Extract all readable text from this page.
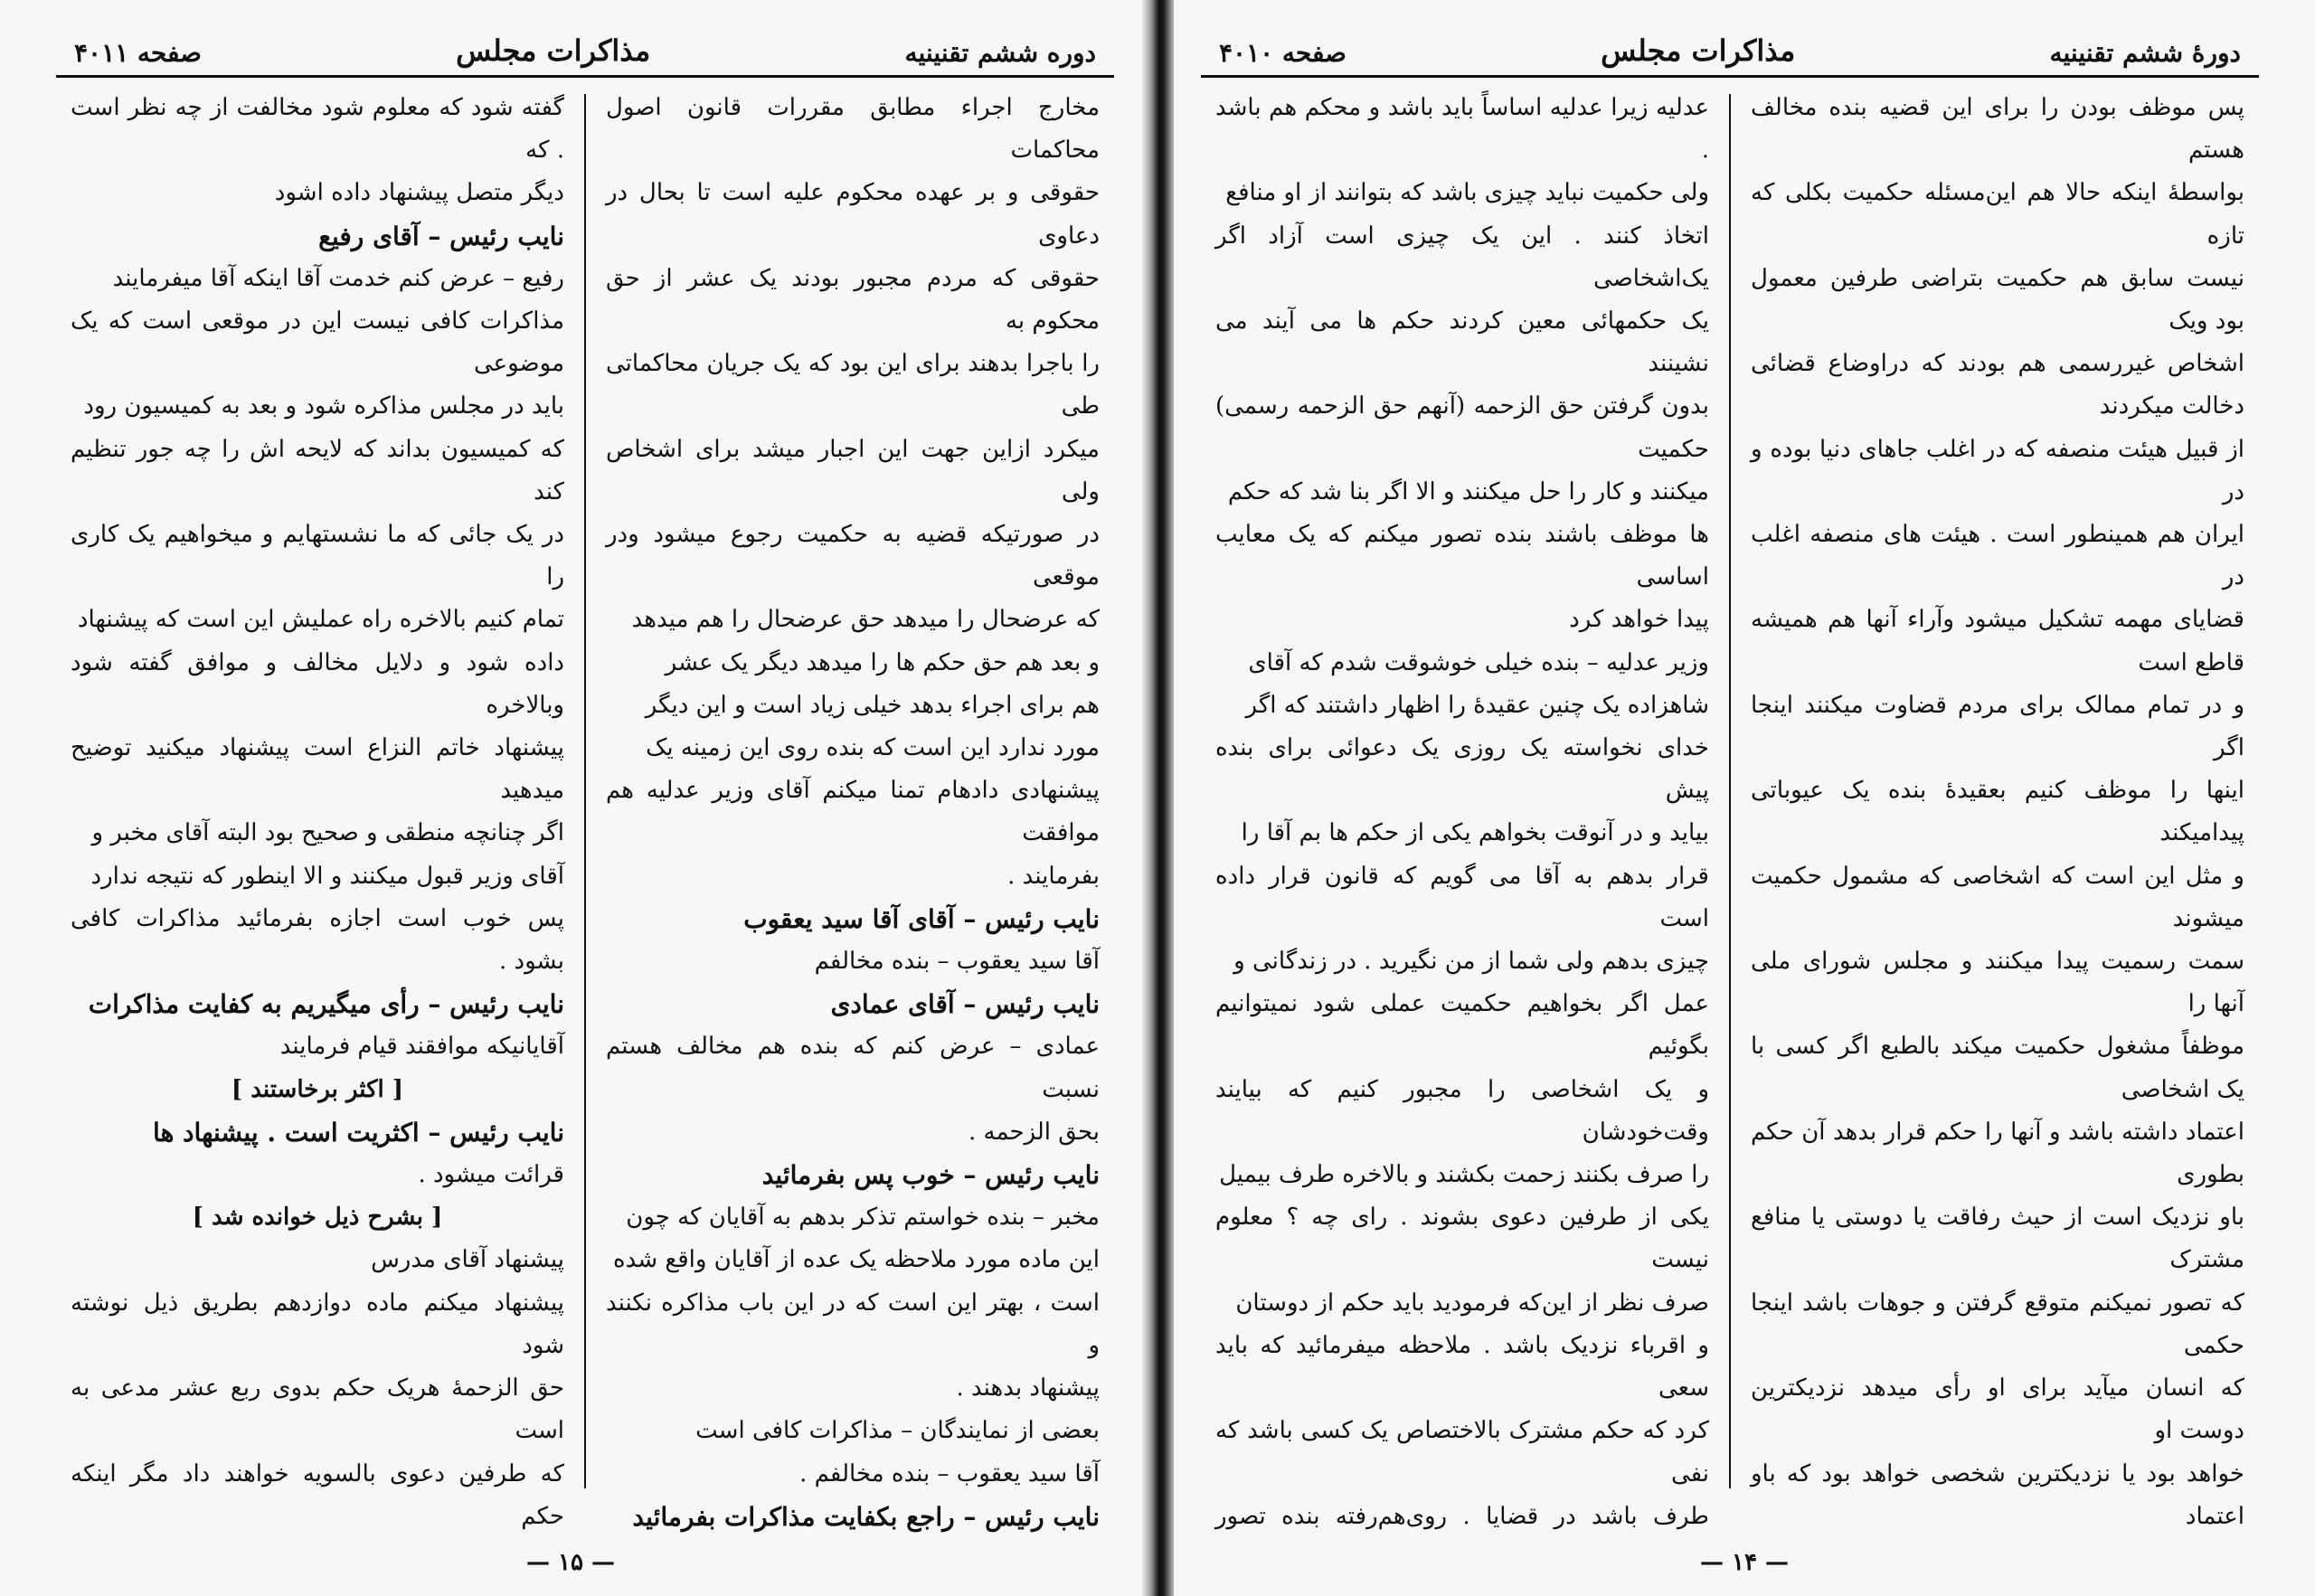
دوره‌ ششم تقنینیه
مذاکرات مجلس
صفحه ۴۰۱۱

مخارج اجراء مطابق مقررات قانون اصول محاکمات

حقوقی و بر عهده محکوم علیه است تا بحال در دعاوی

حقوقی که مردم مجبور بودند یک عشر از حق محکوم به

را باجرا بدهند برای این بود که یک جریان محاکماتی طی

میکرد ازاین جهت این اجبار میشد برای اشخاص ولی

در صورتیکه قضیه به حکمیت رجوع میشود ودر موقعی

که عرضحال را میدهد حق عرضحال را هم میدهد

و بعد هم حق حکم ها را میدهد دیگر یک عشر

هم برای اجراء بدهد خیلی زیاد است و این دیگر

مورد ندارد این است که بنده روی این زمینه یک

پیشنهادی دادهام تمنا میکنم آقای وزیر عدلیه هم موافقت

بفرمایند .

نایب رئیس – آقای آقا سید یعقوب

آقا سید یعقوب – بنده مخالفم

نایب رئیس – آقای عمادی

عمادی – عرض کنم که بنده هم مخالف هستم نسبت

بحق الزحمه .

نایب رئیس – خوب پس بفرمائید

مخبر – بنده خواستم تذکر بدهم به آقایان که چون

این ماده مورد ملاحظه یک عده از آقایان واقع شده

است ، بهتر این است که در این باب مذاکره نکنند و

پیشنهاد بدهند .

بعضی از نمایندگان – مذاکرات کافی است

آقا سید یعقوب – بنده مخالفم .

نایب رئیس – راجع بکفایت مذاکرات بفرمائید

گفته شود که معلوم شود مخالفت از چه نظر است . که

دیگر متصل پیشنهاد داده اشود

نایب رئیس – آقای رفیع

رفیع – عرض کنم خدمت آقا اینکه آقا میفرمایند

مذاکرات کافی نیست این در موقعی است که یک موضوعی

باید در مجلس مذاکره شود و بعد به کمیسیون رود

که کمیسیون بداند که لایحه اش را چه جور تنظیم کند

در یک جائی که ما نشستهایم و میخواهیم یک کاری را

تمام کنیم بالاخره راه عملیش این است که پیشنهاد

داده شود و دلایل مخالف و موافق گفته شود وبالاخره

پیشنهاد خاتم النزاع است پیشنهاد میکنید توضیح میدهید

اگر چنانچه منطقی و صحیح بود البته آقای مخبر و

آقای وزیر قبول میکنند و الا اینطور که نتیجه ندارد

پس خوب است اجازه بفرمائید مذاکرات کافی بشود .

نایب رئیس – رأی میگیریم به کفایت مذاکرات

آقایانیکه موافقند قیام فرمایند

[ اکثر برخاستند ]

نایب رئیس – اکثریت است . پیشنهاد ها

قرائت میشود .

[ بشرح ذیل خوانده شد ]

پیشنهاد آقای مدرس

پیشنهاد میکنم ماده دوازدهم بطریق ذیل نوشته شود

حق الزحمهٔ هریک حکم بدوی ربع عشر مدعی به است

که طرفین دعوی بالسویه خواهند داد مگر اینکه حکم

— ۱۵ —
دورهٔ ششم تقنینیه
مذاکرات مجلس
صفحه ۴۰۱۰

پس موظف بودن را برای این قضیه بنده مخالف هستم

بواسطهٔ اینکه حالا هم این‌مسئله حکمیت بکلی که تازه

نیست سابق هم حکمیت بتراضی طرفین معمول بود ویک

اشخاص غیررسمی هم بودند که دراوضاع قضائی دخالت میکردند

از قبیل هیئت منصفه که در اغلب جاهای دنیا بوده و در

ایران هم همینطور است . هیئت های منصفه اغلب در

قضایای مهمه تشکیل میشود وآراء آنها هم همیشه قاطع است

و در تمام ممالک برای مردم قضاوت میکنند اینجا اگر

اینها را موظف کنیم بعقیدهٔ بنده یک عیوباتی پیدامیکند

و مثل این است که اشخاصی که مشمول حکمیت میشوند

سمت رسمیت پیدا میکنند و مجلس شورای ملی آنها را

موظفاً مشغول حکمیت میکند بالطبع اگر کسی با یک اشخاصی

اعتماد داشته باشد و آنها را حکم قرار بدهد آن حکم بطوری

باو نزدیک است از حیث رفاقت یا دوستی یا منافع مشترک

که تصور نمیکنم متوقع گرفتن و جوهات باشد اینجا حکمی

که انسان میآید برای او رأی میدهد نزدیکترین دوست او

خواهد بود یا نزدیکترین شخصی خواهد بود که باو اعتماد

عدلیه زیرا عدلیه اساساً باید باشد و محکم هم باشد .

ولی حکمیت نباید چیزی باشد که بتوانند از او منافع

اتخاذ کنند . این یک چیزی است آزاد اگر یک‌اشخاصی

یک حکمهائی معین کردند حکم ها می آیند می نشینند

بدون گرفتن حق الزحمه (آنهم حق الزحمه رسمی) حکمیت

میکنند و کار را حل میکنند و الا اگر بنا شد که حکم

ها موظف باشند بنده تصور میکنم که یک معایب اساسی

پیدا خواهد کرد

وزیر عدلیه – بنده خیلی خوشوقت شدم که آقای

شاهزاده یک چنین عقیدهٔ را اظهار داشتند که اگر

خدای نخواسته یک روزی یک دعوائی برای بنده پیش

بیاید و در آنوقت بخواهم یکی از حکم ها بم آقا را

قرار بدهم به آقا می گویم که قانون قرار داده است

چیزی بدهم ولی شما از من نگیرید . در زندگانی و

عمل اگر بخواهیم حکمیت عملی شود نمیتوانیم بگوئیم

و یک اشخاصی را مجبور کنیم که بیایند وقت‌خودشان

را صرف بکنند زحمت بکشند و بالاخره طرف بیمیل

یکی از طرفین دعوی بشوند . رای چه ؟ معلوم نیست

صرف نظر از این‌که فرمودید باید حکم از دوستان

و اقرباء نزدیک باشد . ملاحظه میفرمائید که باید سعی

کرد که حکم مشترک بالاختصاص یک کسی باشد که نفی

طرف باشد در قضایا . روی‌هم‌رفته بنده تصور

— ۱۴ —
